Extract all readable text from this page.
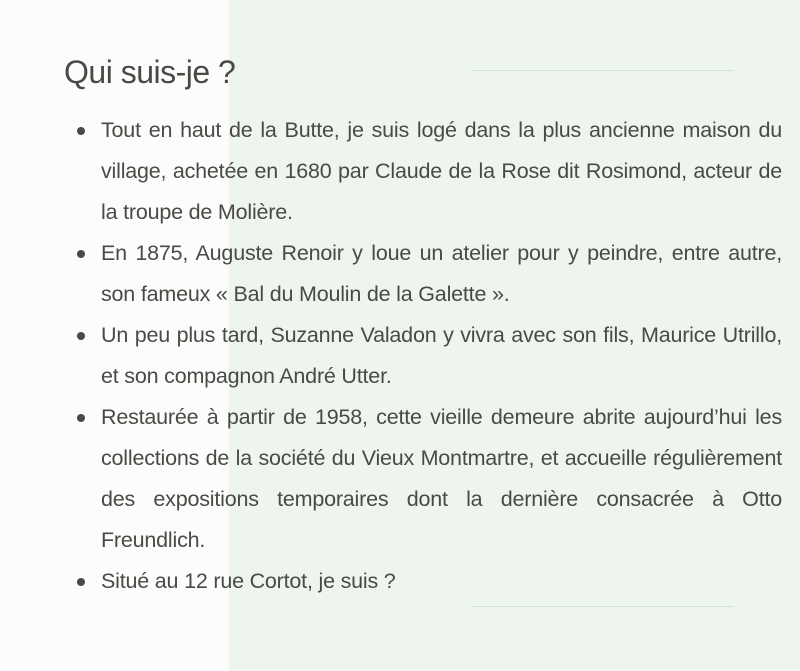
Qui suis-je ?
Tout en haut de la Butte, je suis logé dans la plus ancienne maison du village, achetée en 1680 par Claude de la Rose dit Rosimond, acteur de la troupe de Molière.
En 1875, Auguste Renoir y loue un atelier pour y peindre, entre autre, son fameux « Bal du Moulin de la Galette ».
Un peu plus tard, Suzanne Valadon y vivra avec son fils, Maurice Utrillo, et son compagnon André Utter.
Restaurée à partir de 1958, cette vieille demeure abrite aujourd’hui les collections de la société du Vieux Montmartre, et accueille régulièrement des expositions temporaires dont la dernière consacrée à Otto Freundlich.
Situé au 12 rue Cortot, je suis ?
